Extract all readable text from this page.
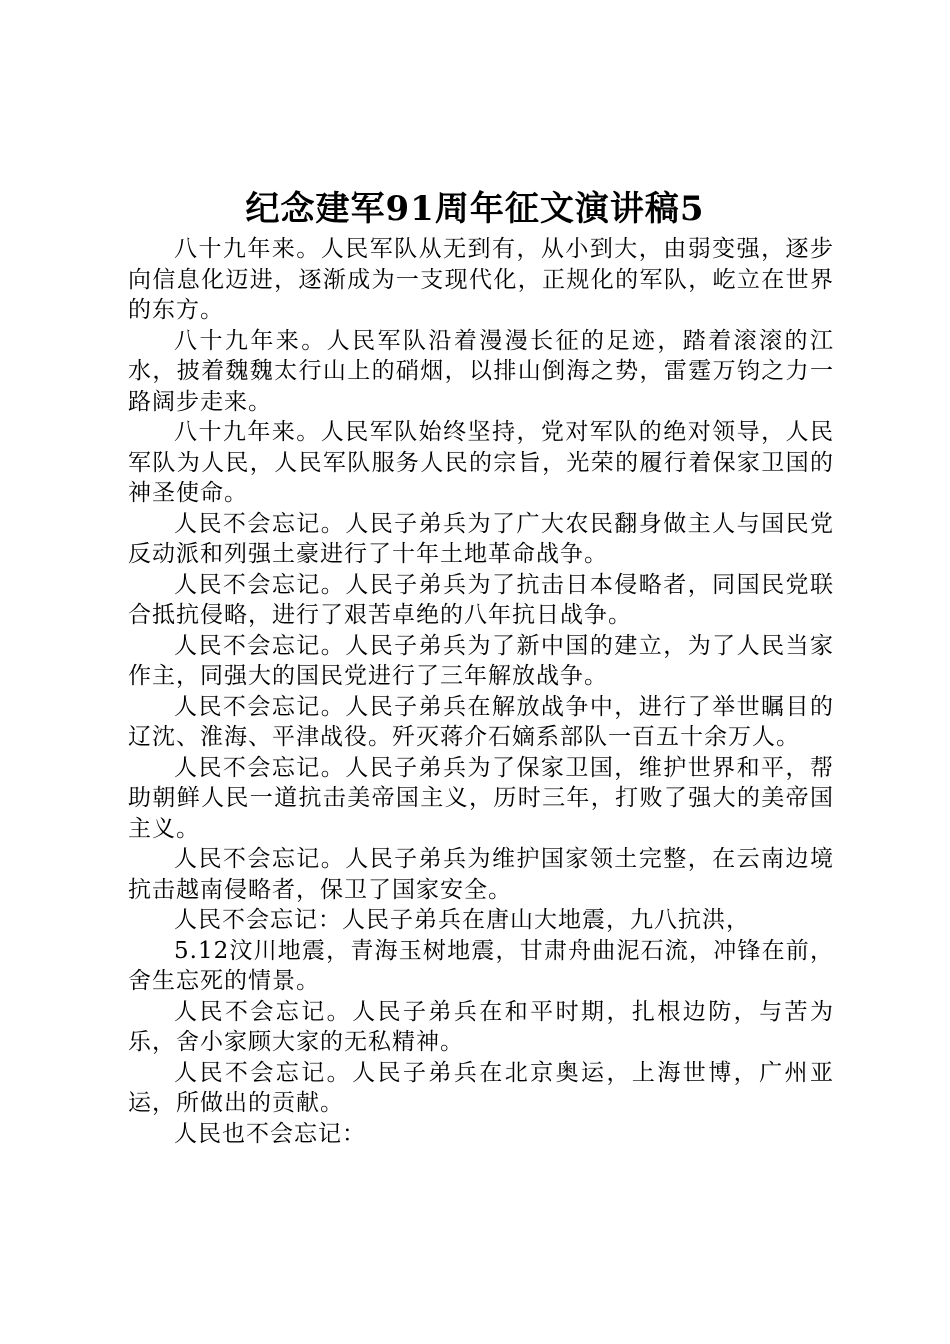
纪念建军91周年征文演讲稿5

八十九年来。人民军队从无到有，从小到大，由弱变强，逐步向信息化迈进，逐渐成为一支现代化，正规化的军队，屹立在世界的东方。

八十九年来。人民军队沿着漫漫长征的足迹，踏着滚滚的江水，披着魏魏太行山上的硝烟，以排山倒海之势，雷霆万钧之力一路阔步走来。

八十九年来。人民军队始终坚持，党对军队的绝对领导，人民军队为人民，人民军队服务人民的宗旨，光荣的履行着保家卫国的神圣使命。

人民不会忘记。人民子弟兵为了广大农民翻身做主人与国民党反动派和列强土豪进行了十年土地革命战争。

人民不会忘记。人民子弟兵为了抗击日本侵略者，同国民党联合抵抗侵略，进行了艰苦卓绝的八年抗日战争。

人民不会忘记。人民子弟兵为了新中国的建立，为了人民当家作主，同强大的国民党进行了三年解放战争。

人民不会忘记。人民子弟兵在解放战争中，进行了举世瞩目的辽沈、淮海、平津战役。歼灭蒋介石嫡系部队一百五十余万人。

人民不会忘记。人民子弟兵为了保家卫国，维护世界和平，帮助朝鲜人民一道抗击美帝国主义，历时三年，打败了强大的美帝国主义。

人民不会忘记。人民子弟兵为维护国家领土完整，在云南边境抗击越南侵略者，保卫了国家安全。

人民不会忘记：人民子弟兵在唐山大地震，九八抗洪，

5.12汶川地震，青海玉树地震，甘肃舟曲泥石流，冲锋在前，舍生忘死的情景。

人民不会忘记。人民子弟兵在和平时期，扎根边防，与苦为乐，舍小家顾大家的无私精神。

人民不会忘记。人民子弟兵在北京奥运，上海世博，广州亚运，所做出的贡献。

人民也不会忘记：
